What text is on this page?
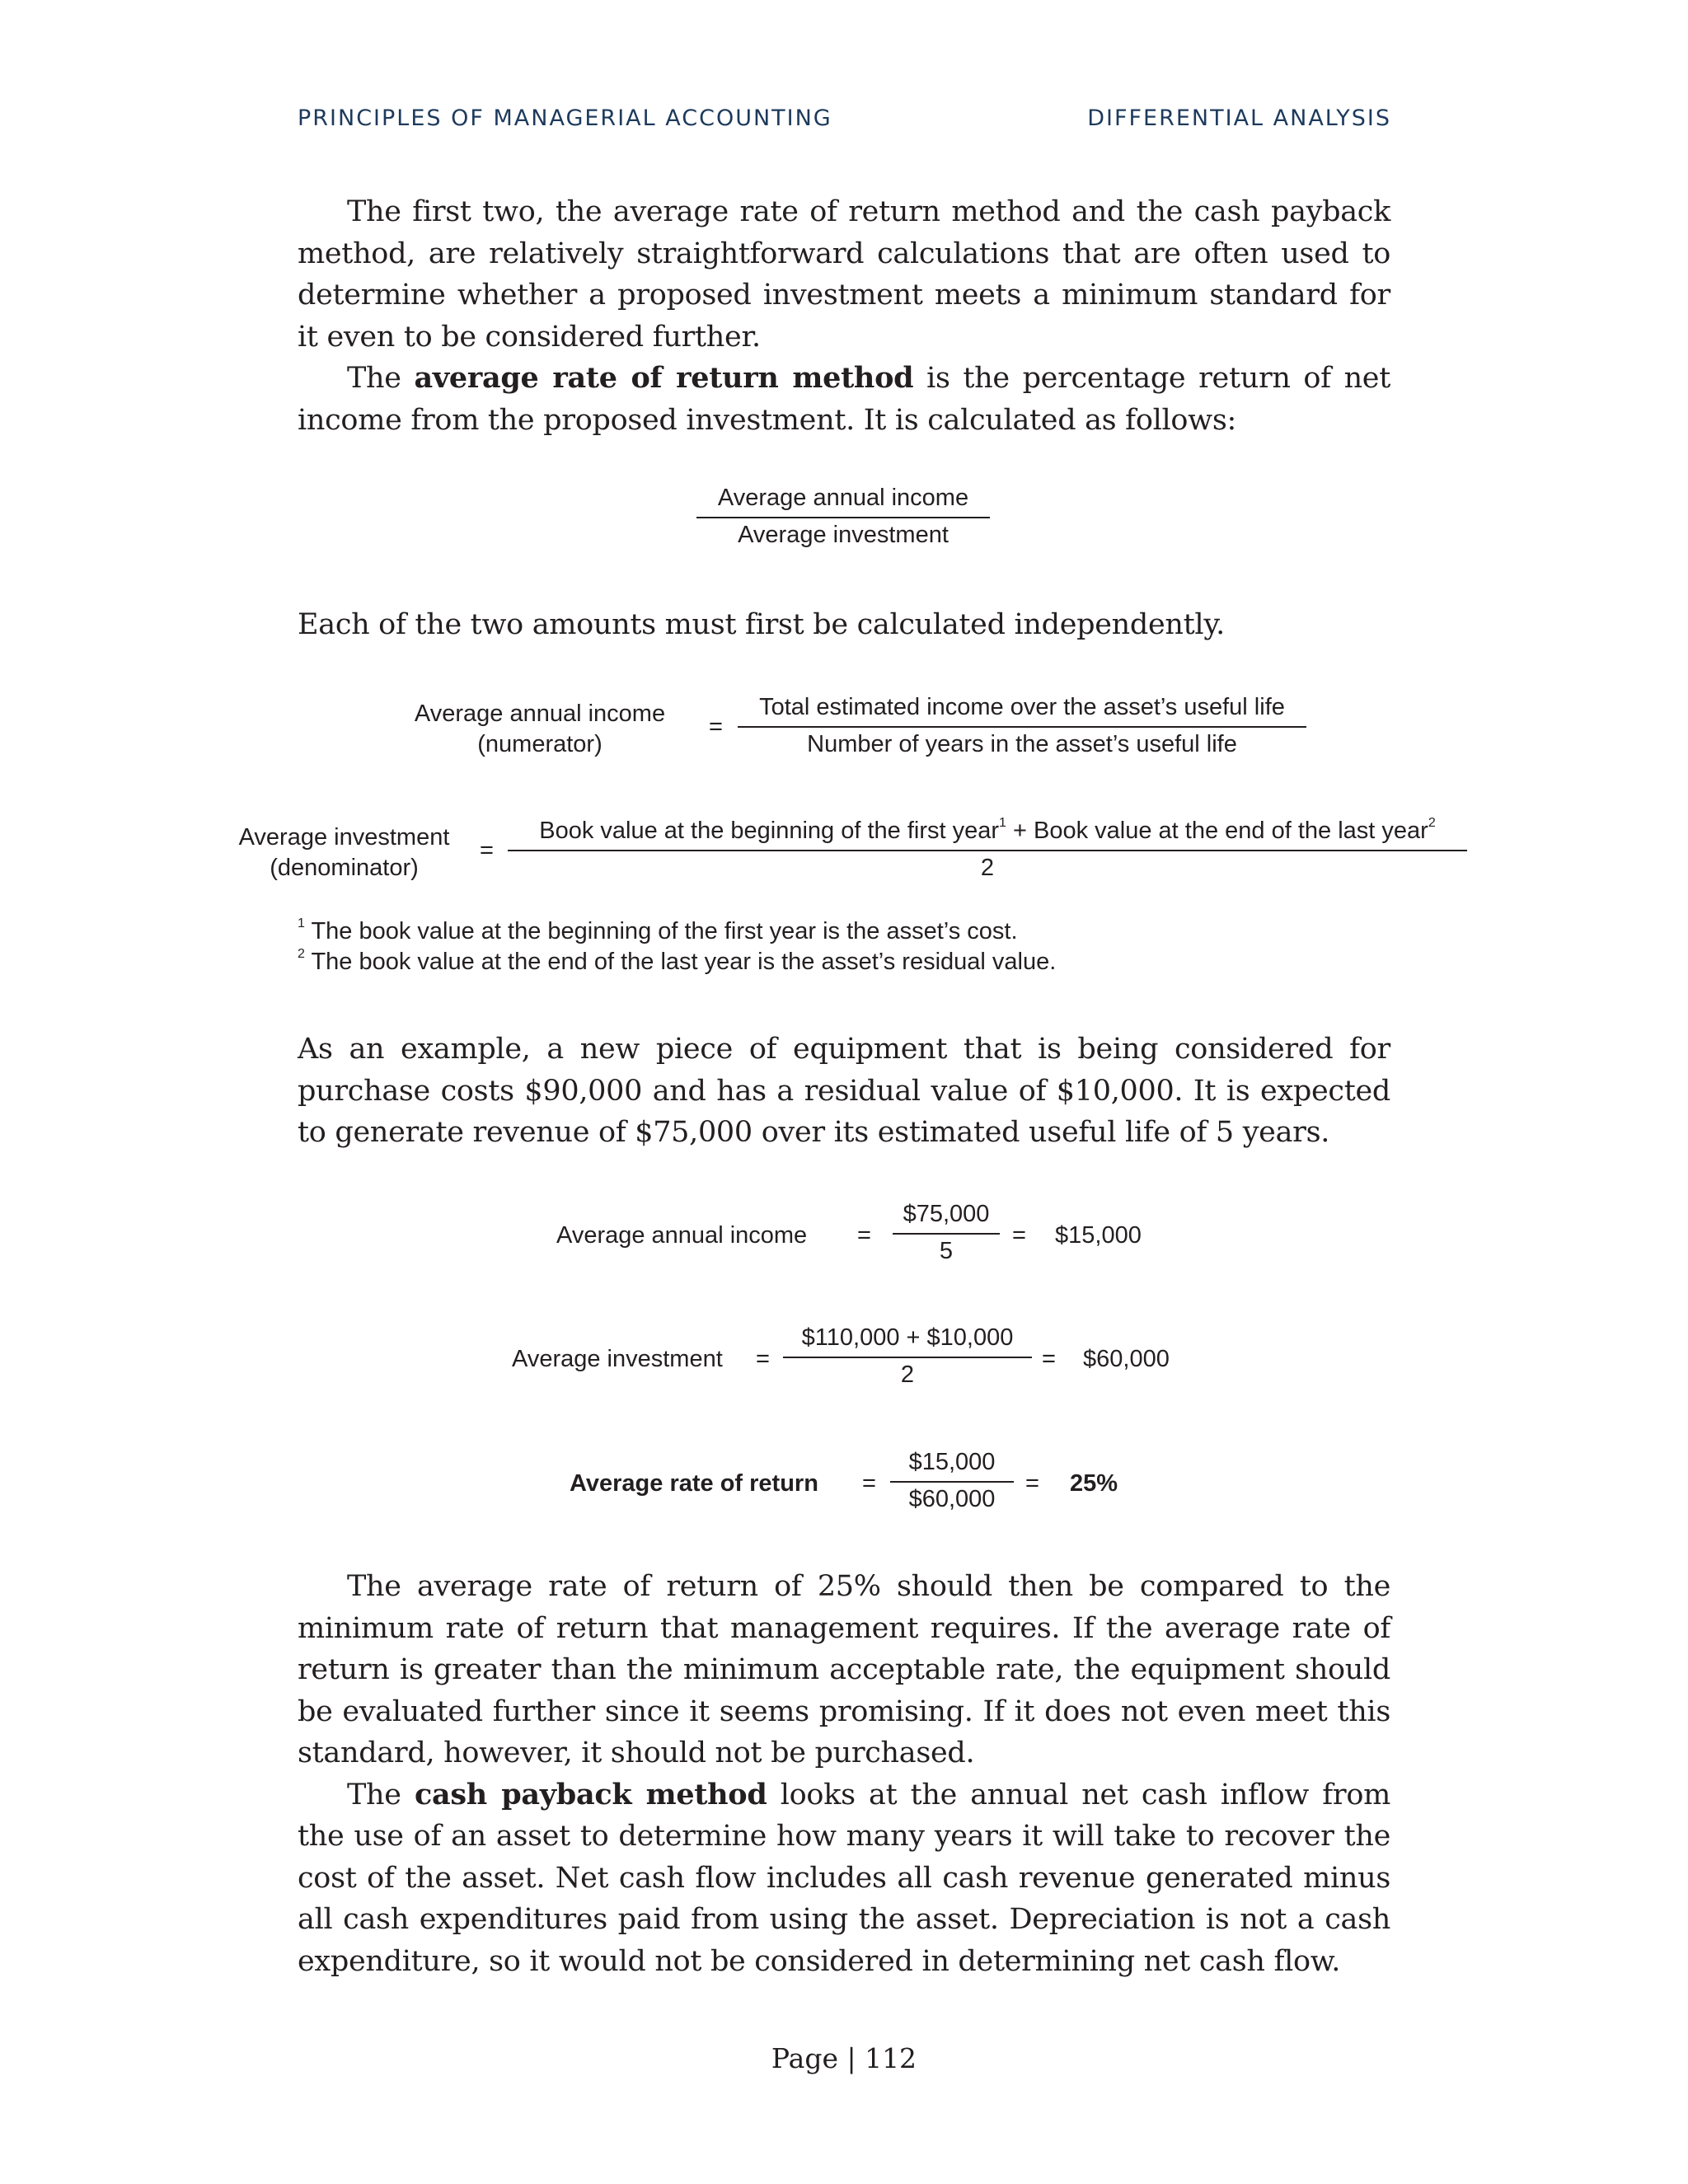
PRINCIPLES OF MANAGERIAL ACCOUNTING	DIFFERENTIAL ANALYSIS

The first two, the average rate of return method and the cash payback method, are relatively straightforward calculations that are often used to determine whether a proposed investment meets a minimum standard for it even to be considered further.

The average rate of return method is the percentage return of net income from the proposed investment. It is calculated as follows:

Average annual income
Average investment

Each of the two amounts must first be calculated independently.

Average annual income
(numerator)
=
Total estimated income over the asset’s useful life
Number of years in the asset’s useful life
Average investment
(denominator)
=
Book value at the beginning of the first year$^1$ + Book value at the end of the last year$^2$
2
$^1$ The book value at the beginning of the first year is the asset’s cost.
$^2$ The book value at the end of the last year is the asset’s residual value.

As an example, a new piece of equipment that is being considered for purchase costs $90,000 and has a residual value of $10,000. It is expected to generate revenue of $75,000 over its estimated useful life of 5 years.

Average annual income =
$75,000
5
= $15,000
Average investment =
$110,000 + $10,000
2
= $60,000
Average rate of return =
$15,000
$60,000
= 25%

The average rate of return of 25% should then be compared to the minimum rate of return that management requires. If the average rate of return is greater than the minimum acceptable rate, the equipment should be evaluated further since it seems promising. If it does not even meet this standard, however, it should not be purchased.

The cash payback method looks at the annual net cash inflow from the use of an asset to determine how many years it will take to recover the cost of the asset. Net cash flow includes all cash revenue generated minus all cash expenditures paid from using the asset. Depreciation is not a cash expenditure, so it would not be considered in determining net cash flow.

Page | 112
